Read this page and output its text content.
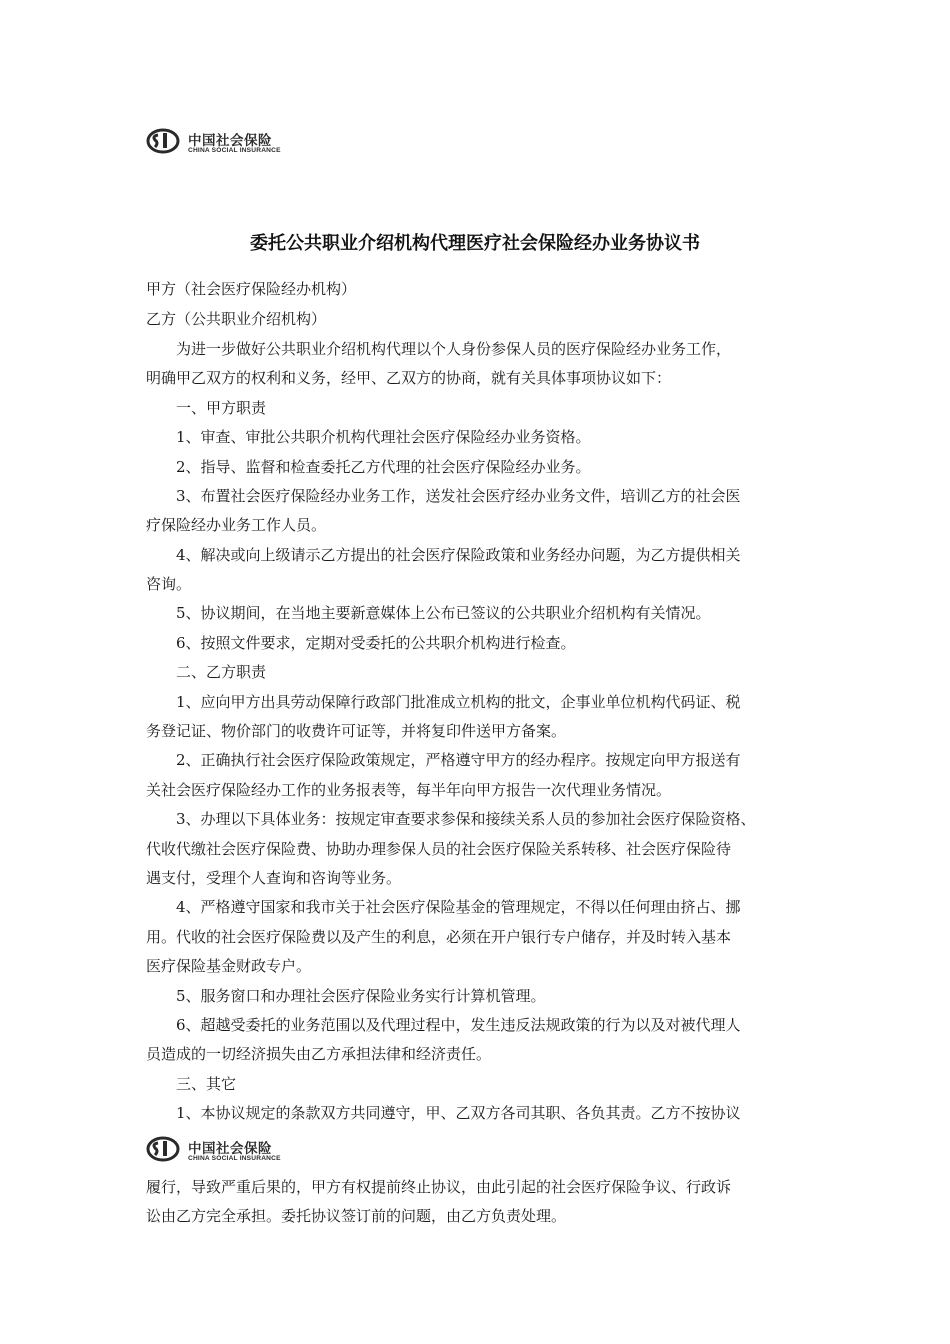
中国社会保险
CHINA SOCIAL INSURANCE
委托公共职业介绍机构代理医疗社会保险经办业务协议书
甲方（社会医疗保险经办机构）
乙方（公共职业介绍机构）
为进一步做好公共职业介绍机构代理以个人身份参保人员的医疗保险经办业务工作，
明确甲乙双方的权利和义务，经甲、乙双方的协商，就有关具体事项协议如下：
一、甲方职责
1、审查、审批公共职介机构代理社会医疗保险经办业务资格。
2、指导、监督和检查委托乙方代理的社会医疗保险经办业务。
3、布置社会医疗保险经办业务工作，送发社会医疗经办业务文件，培训乙方的社会医
疗保险经办业务工作人员。
4、解决或向上级请示乙方提出的社会医疗保险政策和业务经办问题，为乙方提供相关
咨询。
5、协议期间，在当地主要新意媒体上公布已签议的公共职业介绍机构有关情况。
6、按照文件要求，定期对受委托的公共职介机构进行检查。
二、乙方职责
1、应向甲方出具劳动保障行政部门批准成立机构的批文，企事业单位机构代码证、税
务登记证、物价部门的收费许可证等，并将复印件送甲方备案。
2、正确执行社会医疗保险政策规定，严格遵守甲方的经办程序。按规定向甲方报送有
关社会医疗保险经办工作的业务报表等，每半年向甲方报告一次代理业务情况。
3、办理以下具体业务：按规定审查要求参保和接续关系人员的参加社会医疗保险资格、
代收代缴社会医疗保险费、协助办理参保人员的社会医疗保险关系转移、社会医疗保险待
遇支付，受理个人查询和咨询等业务。
4、严格遵守国家和我市关于社会医疗保险基金的管理规定，不得以任何理由挤占、挪
用。代收的社会医疗保险费以及产生的利息，必须在开户银行专户储存，并及时转入基本
医疗保险基金财政专户。
5、服务窗口和办理社会医疗保险业务实行计算机管理。
6、超越受委托的业务范围以及代理过程中，发生违反法规政策的行为以及对被代理人
员造成的一切经济损失由乙方承担法律和经济责任。
三、其它
1、本协议规定的条款双方共同遵守，甲、乙双方各司其职、各负其责。乙方不按协议
中国社会保险
CHINA SOCIAL INSURANCE
履行，导致严重后果的，甲方有权提前终止协议，由此引起的社会医疗保险争议、行政诉
讼由乙方完全承担。委托协议签订前的问题，由乙方负责处理。
